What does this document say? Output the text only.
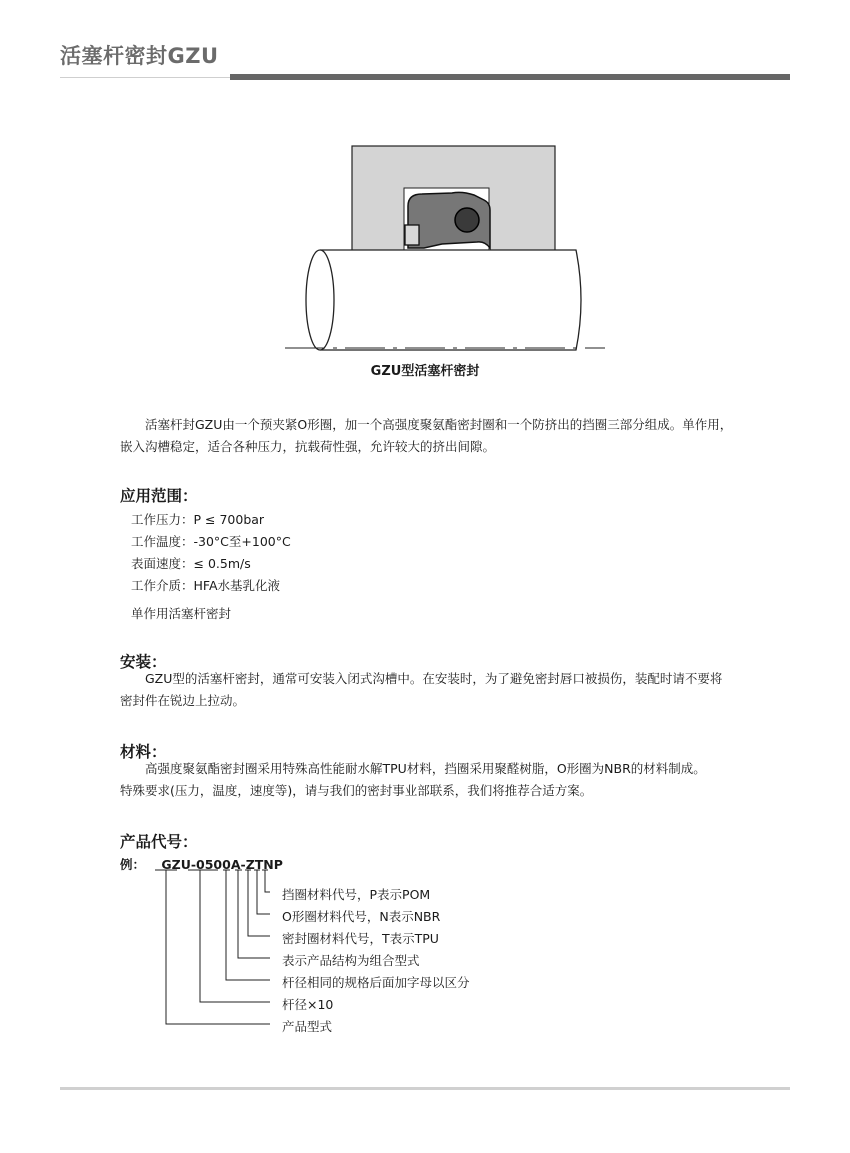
活塞杆密封GZU
GZU型活塞杆密封

活塞杆封GZU由一个预夹紧O形圈，加一个高强度聚氨酯密封圈和一个防挤出的挡圈三部分组成。单作用，

嵌入沟槽稳定，适合各种压力，抗载荷性强，允许较大的挤出间隙。

应用范围：

工作压力：P ≤ 700bar

工作温度：-30°C至+100°C

表面速度：≤ 0.5m/s

工作介质：HFA水基乳化液

单作用活塞杆密封

安装：

GZU型的活塞杆密封，通常可安装入闭式沟槽中。在安装时，为了避免密封唇口被损伤，装配时请不要将

密封件在锐边上拉动。

材料：

高强度聚氨酯密封圈采用特殊高性能耐水解TPU材料，挡圈采用聚醛树脂，O形圈为NBR的材料制成。

特殊要求(压力，温度，速度等)，请与我们的密封事业部联系，我们将推荐合适方案。

产品代号：

例： GZU-0500A-ZTNP

挡圈材料代号，P表示POM

O形圈材料代号，N表示NBR

密封圈材料代号，T表示TPU

表示产品结构为组合型式

杆径相同的规格后面加字母以区分

杆径×10

产品型式
